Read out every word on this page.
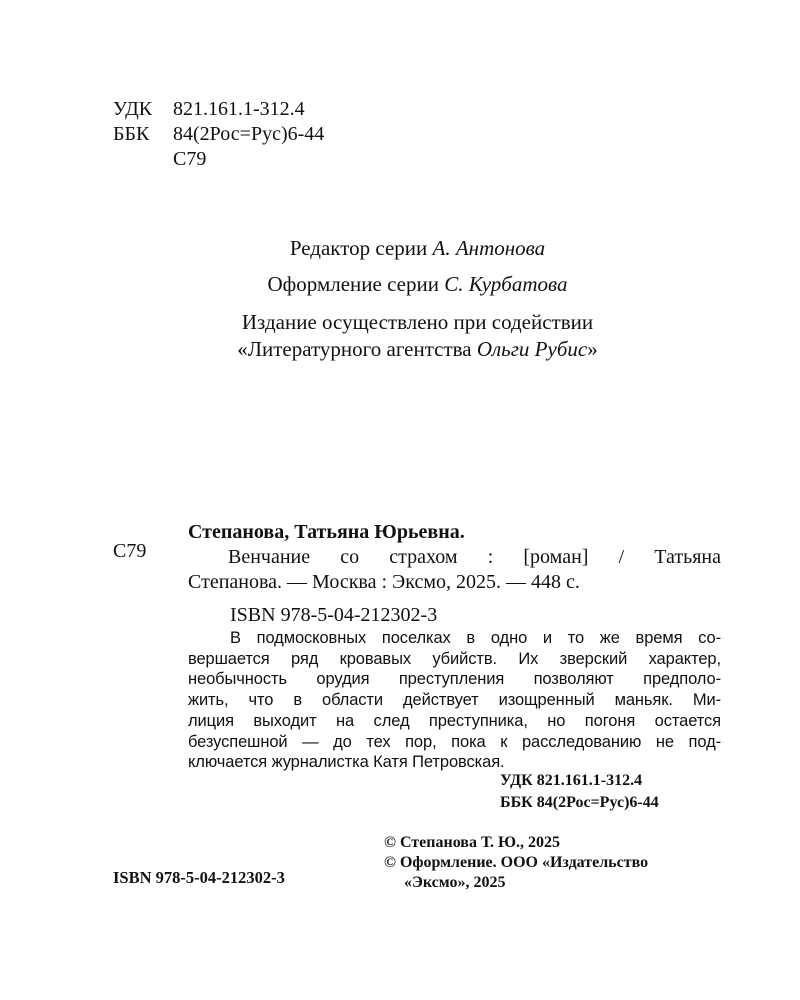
УДК	821.161.1-312.4
ББК	84(2Рос=Рус)6-44
С79
Редактор серии А. Антонова
Оформление серии С. Курбатова
Издание осуществлено при содействии
«Литературного агентства Ольги Рубис»
С79
Степанова, Татьяна Юрьевна.
Венчание со страхом : [роман] / Татьяна
Степанова. — Москва : Эксмо, 2025. — 448 с.
ISBN 978-5-04-212302-3
В подмосковных поселках в одно и то же время со-
вершается ряд кровавых убийств. Их зверский характер,
необычность орудия преступления позволяют предполо-
жить, что в области действует изощренный маньяк. Ми-
лиция выходит на след преступника, но погоня остается
безуспешной — до тех пор, пока к расследованию не под-
ключается журналистка Катя Петровская.
УДК 821.161.1-312.4
ББК 84(2Рос=Рус)6-44
ISBN 978-5-04-212302-3
© Степанова Т. Ю., 2025
© Оформление. ООО «Издательство
«Эксмо», 2025
